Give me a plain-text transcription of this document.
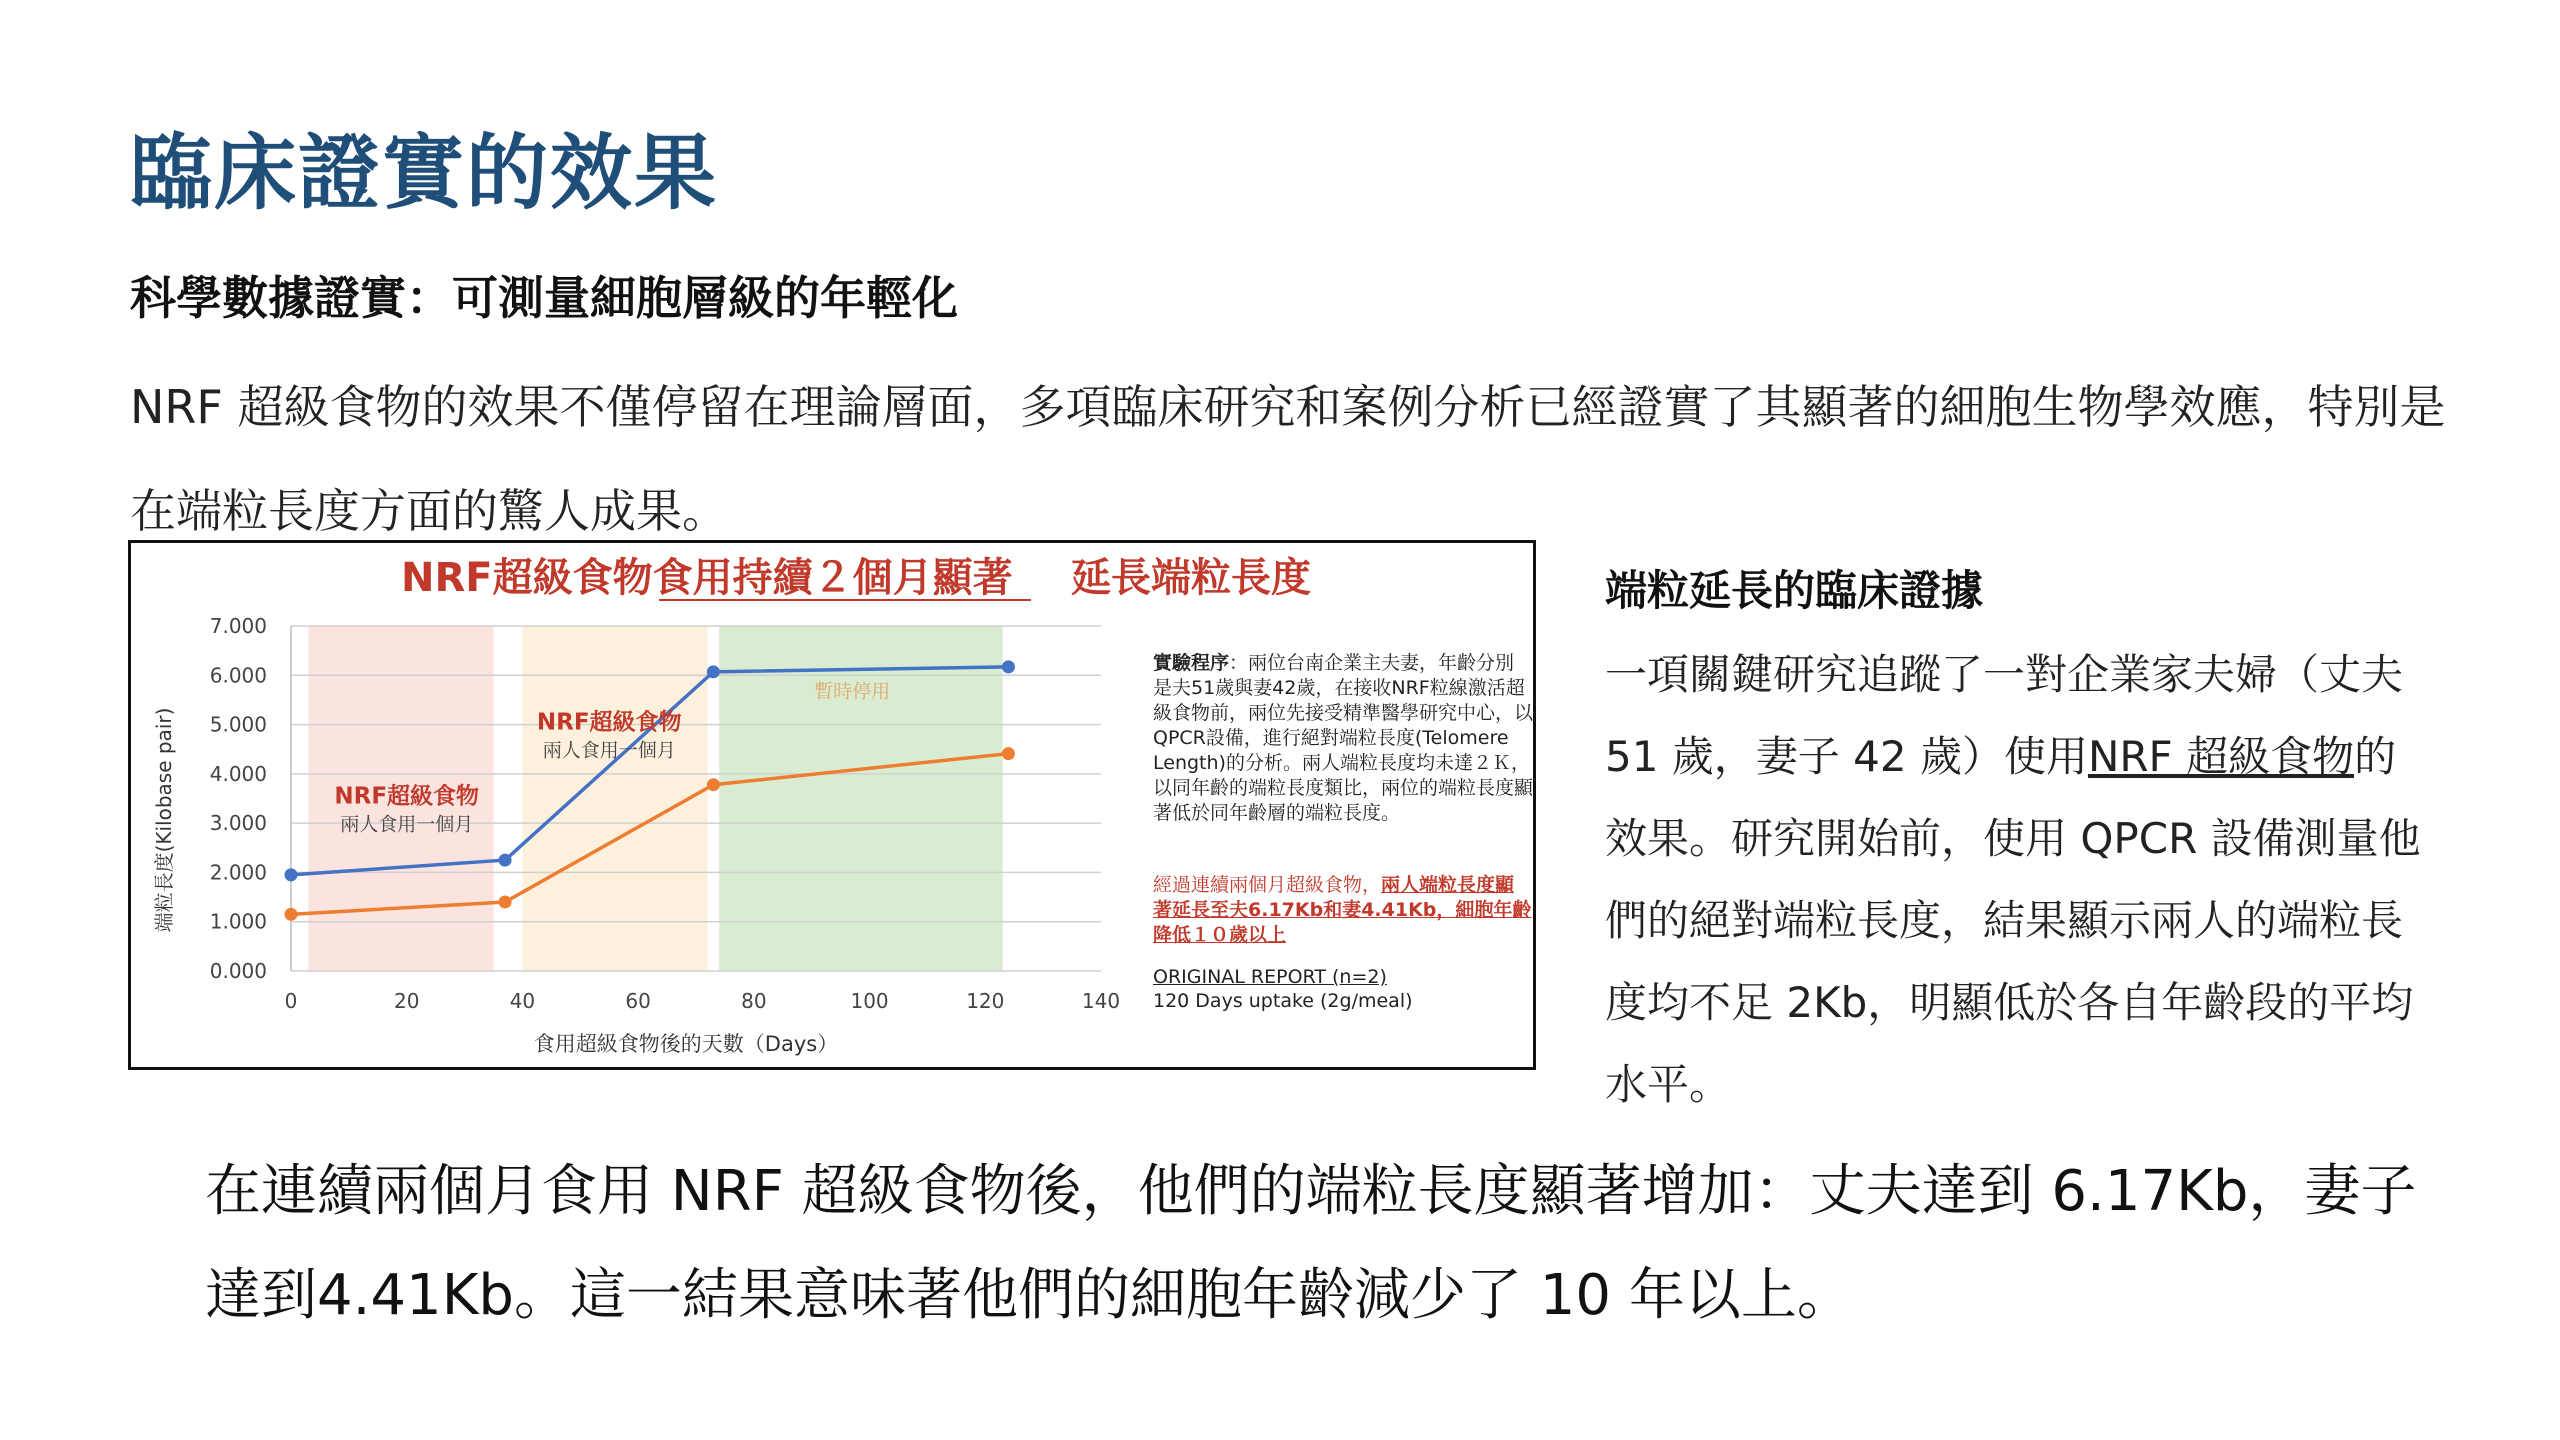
臨床證實的效果
科學數據證實：可測量細胞層級的年輕化
NRF 超級食物的效果不僅停留在理論層面，多項臨床研究和案例分析已經證實了其顯著的細胞生物學效應，特別是在端粒長度方面的驚人成果。
NRF超級食物食用持續２個月顯著 延長端粒長度
0.000
1.000
2.000
3.000
4.000
5.000
6.000
7.000
0	20	40	60	80	100	120	140
NRF超級食物
兩人食用一個月
NRF超級食物
兩人食用一個月
暫時停用
食用超級食物後的天數（Days）
端粒長度(Kilobase pair)
實驗程序：兩位台南企業主夫妻，年齡分別是夫51歲與妻42歲，在接收NRF粒線激活超級食物前，兩位先接受精準醫學研究中心，以QPCR設備，進行絕對端粒長度(Telomere Length)的分析。兩人端粒長度均未達２Ｋ，以同年齡的端粒長度類比，兩位的端粒長度顯著低於同年齡層的端粒長度。
經過連續兩個月超級食物，兩人端粒長度顯著延長至夫6.17Kb和妻4.41Kb，細胞年齡降低１０歲以上
ORIGINAL REPORT (n=2)
120 Days uptake (2g/meal)
端粒延長的臨床證據
一項關鍵研究追蹤了一對企業家夫婦（丈夫 51 歲，妻子 42 歲）使用NRF 超級食物的效果。研究開始前，使用 QPCR 設備測量他們的絕對端粒長度，結果顯示兩人的端粒長度均不足 2Kb，明顯低於各自年齡段的平均水平。
在連續兩個月食用 NRF 超級食物後，他們的端粒長度顯著增加：丈夫達到 6.17Kb，妻子達到4.41Kb。這一結果意味著他們的細胞年齡減少了 10 年以上。
